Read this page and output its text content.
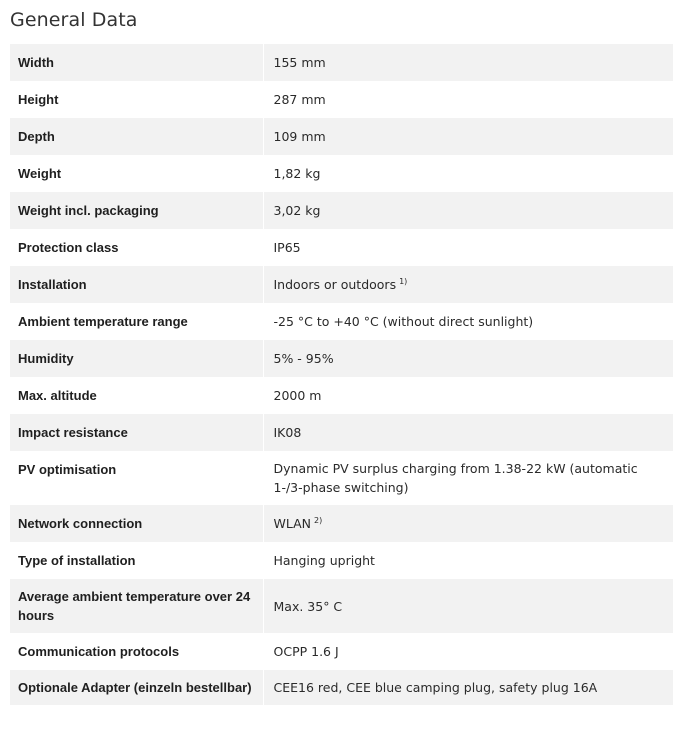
General Data
Width	155 mm
Height	287 mm
Depth	109 mm
Weight	1,82 kg
Weight incl. packaging	3,02 kg
Protection class	IP65
Installation	Indoors or outdoors $^{1)}$
Ambient temperature range	-25 °C to +40 °C (without direct sunlight)
Humidity	5% - 95%
Max. altitude	2000 m
Impact resistance	IK08
PV optimisation	Dynamic PV surplus charging from 1.38-22 kW (automatic 1-/3-phase switching)
Network connection	WLAN $^{2)}$
Type of installation	Hanging upright
Average ambient temperature over 24 hours	Max. 35° C
Communication protocols	OCPP 1.6 J
Optionale Adapter (einzeln bestellbar)	CEE16 red, CEE blue camping plug, safety plug 16A
